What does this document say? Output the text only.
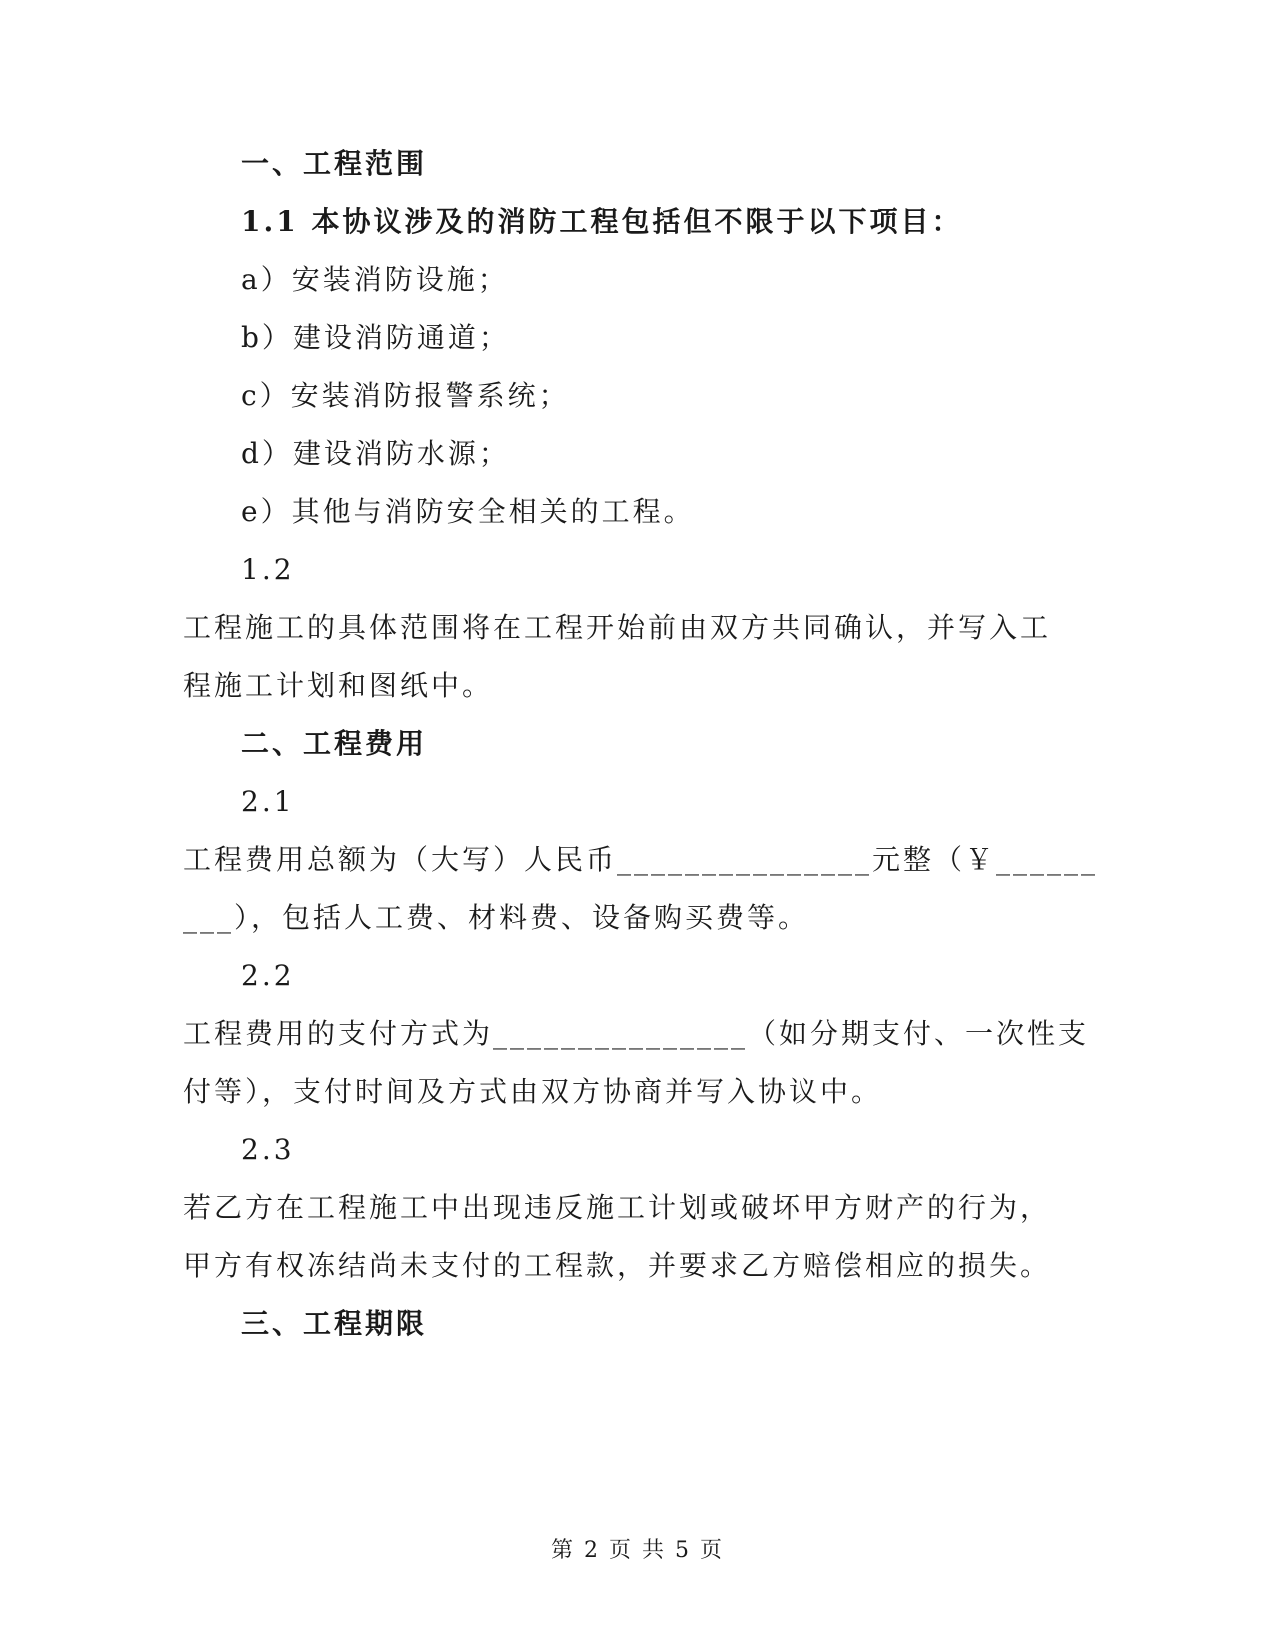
一、工程范围
1.1 本协议涉及的消防工程包括但不限于以下项目：
a）安装消防设施；
b）建设消防通道；
c）安装消防报警系统；
d）建设消防水源；
e）其他与消防安全相关的工程。
1.2
工程施工的具体范围将在工程开始前由双方共同确认，并写入工
程施工计划和图纸中。
二、工程费用
2.1
工程费用总额为（大写）人民币_______________元整（￥______
___），包括人工费、材料费、设备购买费等。
2.2
工程费用的支付方式为_______________（如分期支付、一次性支
付等），支付时间及方式由双方协商并写入协议中。
2.3
若乙方在工程施工中出现违反施工计划或破坏甲方财产的行为，
甲方有权冻结尚未支付的工程款，并要求乙方赔偿相应的损失。
三、工程期限
第 2 页 共 5 页
